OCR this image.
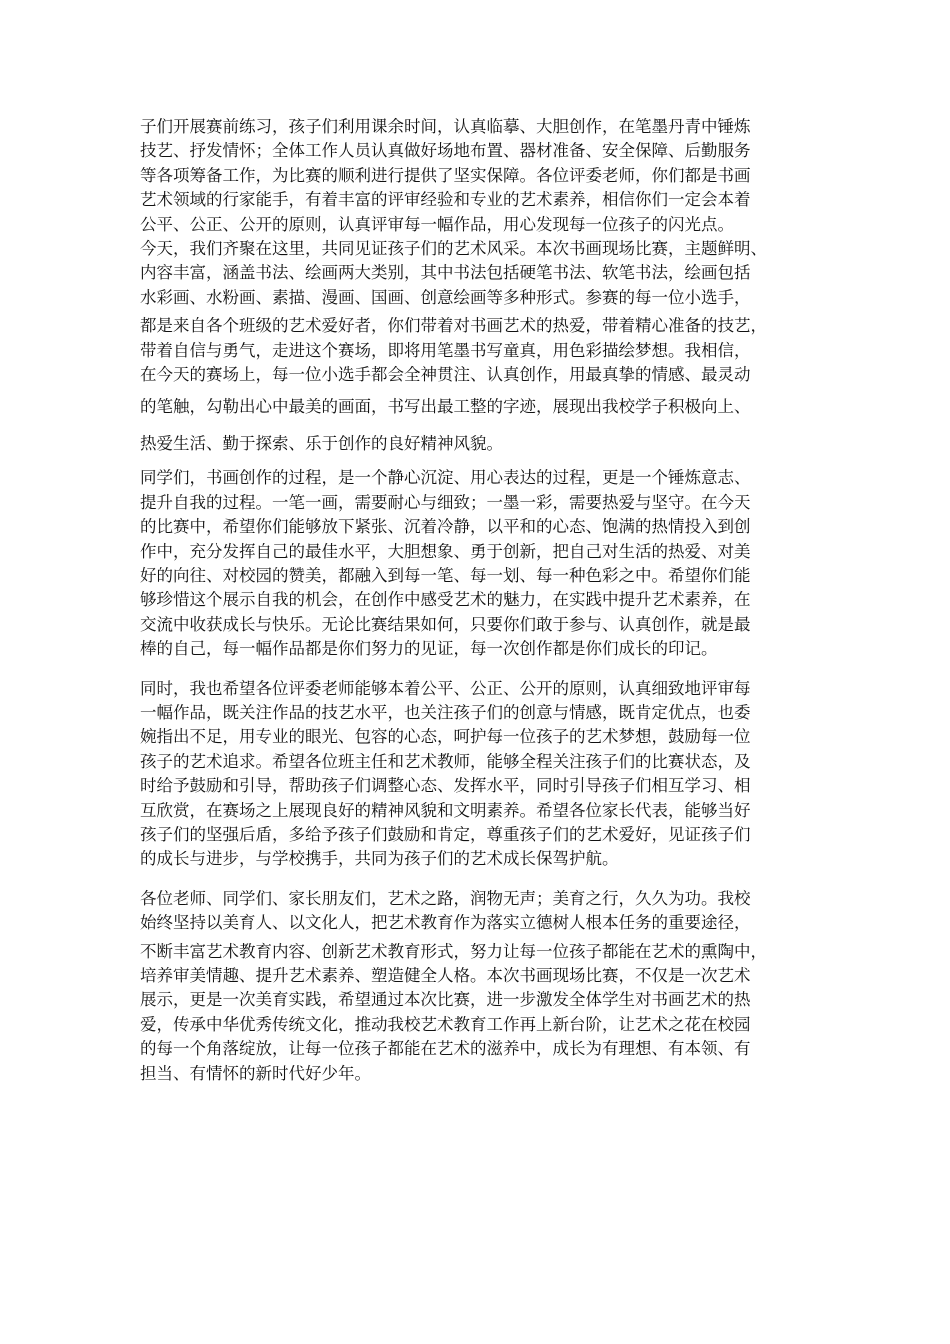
子们开展赛前练习，孩子们利用课余时间，认真临摹、大胆创作，在笔墨丹青中锤炼
技艺、抒发情怀；全体工作人员认真做好场地布置、器材准备、安全保障、后勤服务
等各项筹备工作，为比赛的顺利进行提供了坚实保障。各位评委老师，你们都是书画
艺术领域的行家能手，有着丰富的评审经验和专业的艺术素养，相信你们一定会本着
公平、公正、公开的原则，认真评审每一幅作品，用心发现每一位孩子的闪光点。
今天，我们齐聚在这里，共同见证孩子们的艺术风采。本次书画现场比赛，主题鲜明、
内容丰富，涵盖书法、绘画两大类别，其中书法包括硬笔书法、软笔书法，绘画包括
水彩画、水粉画、素描、漫画、国画、创意绘画等多种形式。参赛的每一位小选手，
都是来自各个班级的艺术爱好者，你们带着对书画艺术的热爱，带着精心准备的技艺，
带着自信与勇气，走进这个赛场，即将用笔墨书写童真，用色彩描绘梦想。我相信，
在今天的赛场上，每一位小选手都会全神贯注、认真创作，用最真挚的情感、最灵动
的笔触，勾勒出心中最美的画面，书写出最工整的字迹，展现出我校学子积极向上、
热爱生活、勤于探索、乐于创作的良好精神风貌。
同学们，书画创作的过程，是一个静心沉淀、用心表达的过程，更是一个锤炼意志、
提升自我的过程。一笔一画，需要耐心与细致；一墨一彩，需要热爱与坚守。在今天
的比赛中，希望你们能够放下紧张、沉着冷静，以平和的心态、饱满的热情投入到创
作中，充分发挥自己的最佳水平，大胆想象、勇于创新，把自己对生活的热爱、对美
好的向往、对校园的赞美，都融入到每一笔、每一划、每一种色彩之中。希望你们能
够珍惜这个展示自我的机会，在创作中感受艺术的魅力，在实践中提升艺术素养，在
交流中收获成长与快乐。无论比赛结果如何，只要你们敢于参与、认真创作，就是最
棒的自己，每一幅作品都是你们努力的见证，每一次创作都是你们成长的印记。
同时，我也希望各位评委老师能够本着公平、公正、公开的原则，认真细致地评审每
一幅作品，既关注作品的技艺水平，也关注孩子们的创意与情感，既肯定优点，也委
婉指出不足，用专业的眼光、包容的心态，呵护每一位孩子的艺术梦想，鼓励每一位
孩子的艺术追求。希望各位班主任和艺术教师，能够全程关注孩子们的比赛状态，及
时给予鼓励和引导，帮助孩子们调整心态、发挥水平，同时引导孩子们相互学习、相
互欣赏，在赛场之上展现良好的精神风貌和文明素养。希望各位家长代表，能够当好
孩子们的坚强后盾，多给予孩子们鼓励和肯定，尊重孩子们的艺术爱好，见证孩子们
的成长与进步，与学校携手，共同为孩子们的艺术成长保驾护航。
各位老师、同学们、家长朋友们，艺术之路，润物无声；美育之行，久久为功。我校
始终坚持以美育人、以文化人，把艺术教育作为落实立德树人根本任务的重要途径，
不断丰富艺术教育内容、创新艺术教育形式，努力让每一位孩子都能在艺术的熏陶中，
培养审美情趣、提升艺术素养、塑造健全人格。本次书画现场比赛，不仅是一次艺术
展示，更是一次美育实践，希望通过本次比赛，进一步激发全体学生对书画艺术的热
爱，传承中华优秀传统文化，推动我校艺术教育工作再上新台阶，让艺术之花在校园
的每一个角落绽放，让每一位孩子都能在艺术的滋养中，成长为有理想、有本领、有
担当、有情怀的新时代好少年。
